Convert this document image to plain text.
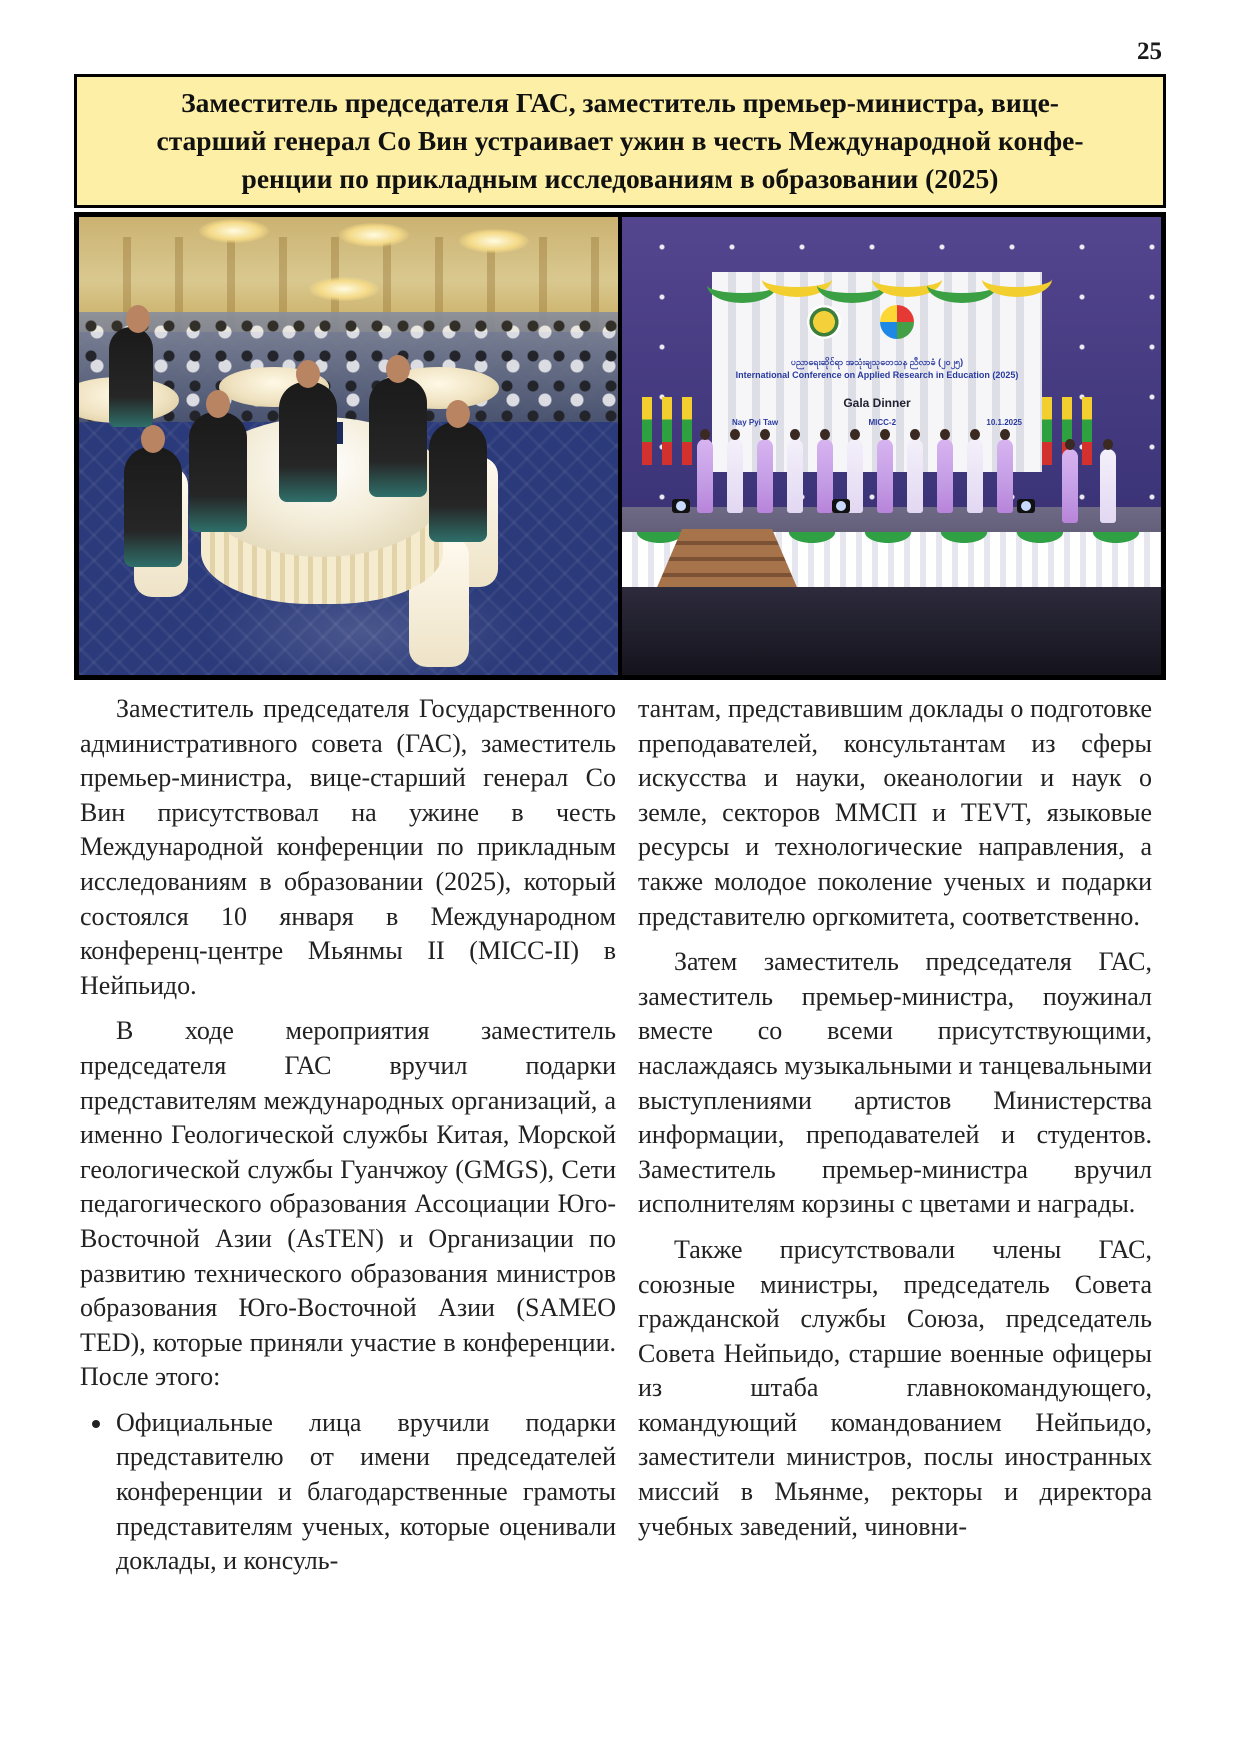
25
Заместитель председателя ГАС, заместитель премьер-министра, вице-
старший генерал Со Вин устраивает ужин в честь Международной конфе-
ренции по прикладным исследованиям в образовании (2025)
ပညာရေးဆိုင်ရာ အသုံးချသုတေသန ညီလာခံ (၂၀၂၅)
International Conference on Applied Research in Education (2025)
Gala Dinner
Nay Pyi Taw	MICC-2	10.1.2025

Заместитель председателя Государственного административного совета (ГАС), заместитель премьер-министра, вице-старший генерал Со Вин присутствовал на ужине в честь Международной конференции по прикладным исследованиям в образовании (2025), который состоялся 10 января в Международном конференц-центре Мьянмы II (MICC-II) в Нейпьидо.

В ходе мероприятия заместитель председателя ГАС вручил подарки представителям международных организаций, а именно Геологической службы Китая, Морской геологической службы Гуанчжоу (GMGS), Сети педагогического образования Ассоциации Юго-Восточной Азии (AsTEN) и Организации по развитию технического образования министров образования Юго-Восточной Азии (SAMEO TED), которые приняли участие в конференции. После этого:

• Официальные лица вручили подарки представителю от имени председателей конференции и благодарственные грамоты представителям ученых, которые оценивали доклады, и консуль-

тантам, представившим доклады о подготовке преподавателей, консультантам из сферы искусства и науки, океанологии и наук о земле, секторов ММСП и TEVT, языковые ресурсы и технологические направления, а также молодое поколение ученых и подарки представителю оргкомитета, соответственно.

Затем заместитель председателя ГАС, заместитель премьер-министра, поужинал вместе со всеми присутствующими, наслаждаясь музыкальными и танцевальными выступлениями артистов Министерства информации, преподавателей и студентов. Заместитель премьер-министра вручил исполнителям корзины с цветами и награды.

Также присутствовали члены ГАС, союзные министры, председатель Совета гражданской службы Союза, председатель Совета Нейпьидо, старшие военные офицеры из штаба главнокомандующего, командующий командованием Нейпьидо, заместители министров, послы иностранных миссий в Мьянме, ректоры и директора учебных заведений, чиновни-
